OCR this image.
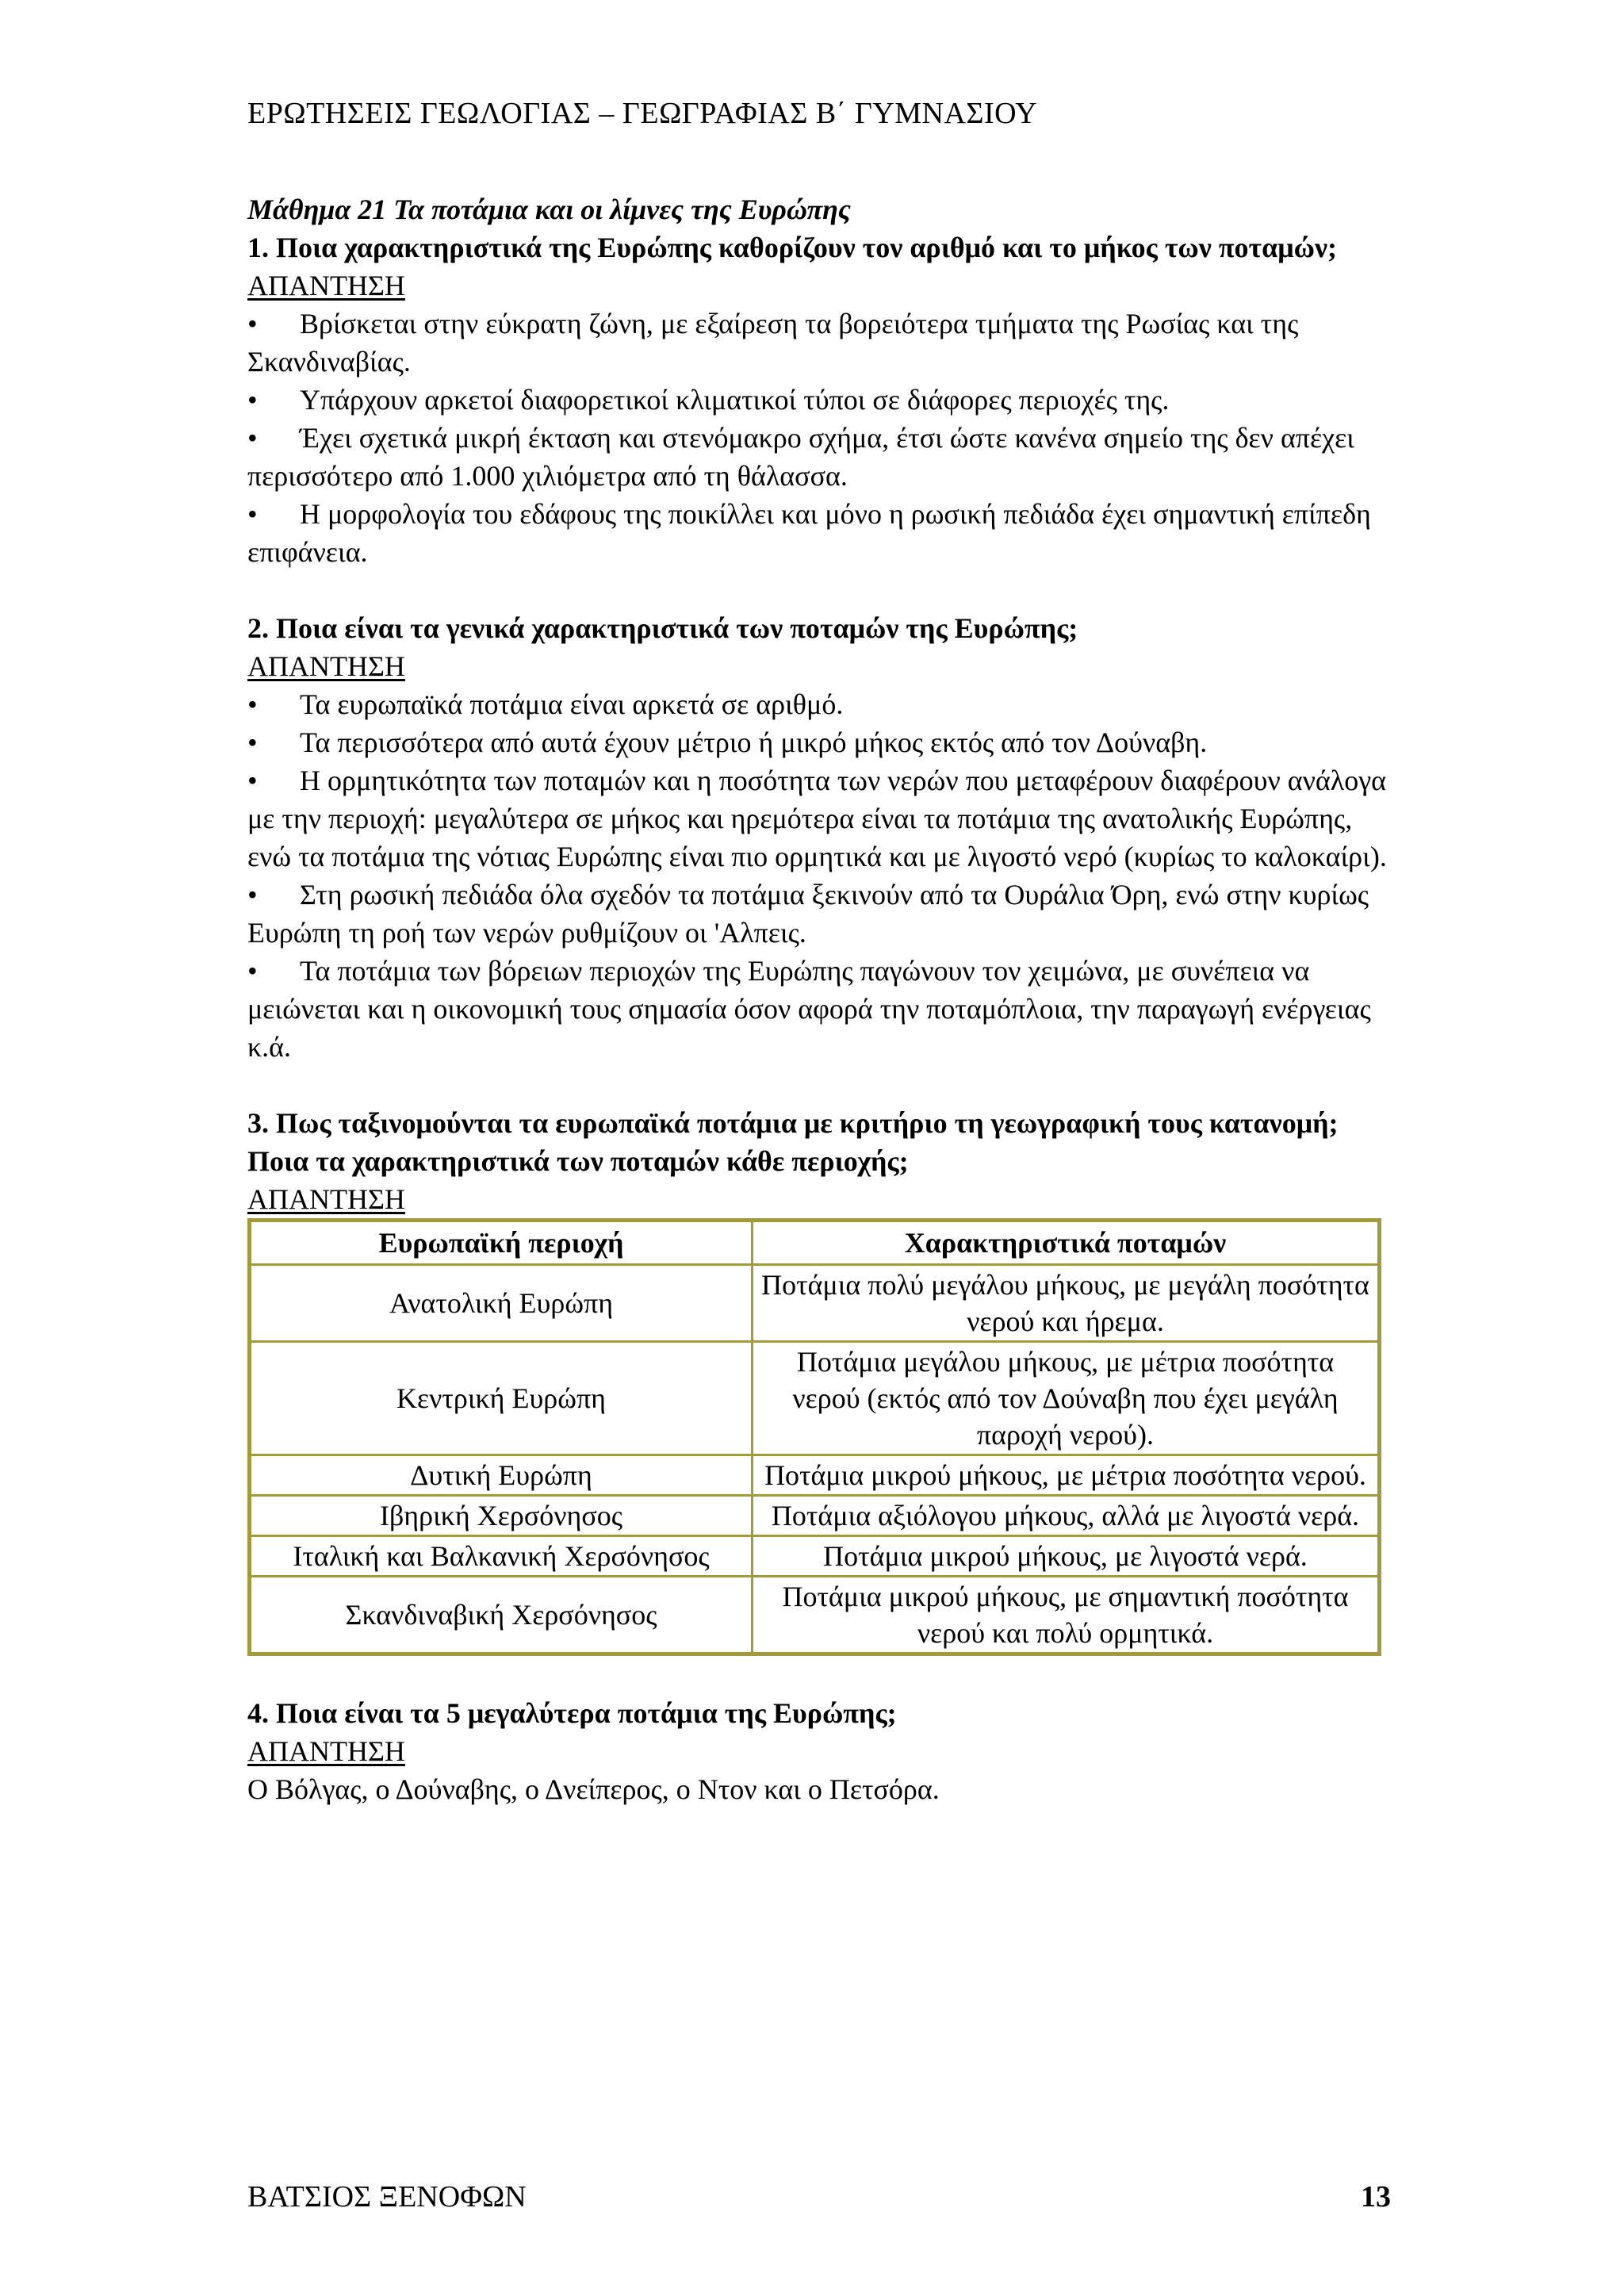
ΕΡΩΤΗΣΕΙΣ ΓΕΩΛΟΓΙΑΣ – ΓΕΩΓΡΑΦΙΑΣ Β΄ ΓΥΜΝΑΣΙΟΥ
Μάθημα 21 Τα ποτάμια και οι λίμνες της Ευρώπης
1. Ποια χαρακτηριστικά της Ευρώπης καθορίζουν τον αριθμό και το μήκος των ποταμών;
ΑΠΑΝΤΗΣΗ
• Βρίσκεται στην εύκρατη ζώνη, με εξαίρεση τα βορειότερα τμήματα της Ρωσίας και της Σκανδιναβίας.
• Υπάρχουν αρκετοί διαφορετικοί κλιματικοί τύποι σε διάφορες περιοχές της.
• Έχει σχετικά μικρή έκταση και στενόμακρο σχήμα, έτσι ώστε κανένα σημείο της δεν απέχει περισσότερο από 1.000 χιλιόμετρα από τη θάλασσα.
• Η μορφολογία του εδάφους της ποικίλλει και μόνο η ρωσική πεδιάδα έχει σημαντική επίπεδη επιφάνεια.
2. Ποια είναι τα γενικά χαρακτηριστικά των ποταμών της Ευρώπης;
ΑΠΑΝΤΗΣΗ
• Τα ευρωπαϊκά ποτάμια είναι αρκετά σε αριθμό.
• Τα περισσότερα από αυτά έχουν μέτριο ή μικρό μήκος εκτός από τον Δούναβη.
• Η ορμητικότητα των ποταμών και η ποσότητα των νερών που μεταφέρουν διαφέρουν ανάλογα με την περιοχή: μεγαλύτερα σε μήκος και ηρεμότερα είναι τα ποτάμια της ανατολικής Ευρώπης, ενώ τα ποτάμια της νότιας Ευρώπης είναι πιο ορμητικά και με λιγοστό νερό (κυρίως το καλοκαίρι).
• Στη ρωσική πεδιάδα όλα σχεδόν τα ποτάμια ξεκινούν από τα Ουράλια Όρη, ενώ στην κυρίως Ευρώπη τη ροή των νερών ρυθμίζουν οι 'Αλπεις.
• Τα ποτάμια των βόρειων περιοχών της Ευρώπης παγώνουν τον χειμώνα, με συνέπεια να μειώνεται και η οικονομική τους σημασία όσον αφορά την ποταμόπλοια, την παραγωγή ενέργειας κ.ά.
3. Πως ταξινομούνται τα ευρωπαϊκά ποτάμια με κριτήριο τη γεωγραφική τους κατανομή; Ποια τα χαρακτηριστικά των ποταμών κάθε περιοχής;
ΑΠΑΝΤΗΣΗ
Ευρωπαϊκή περιοχή	Χαρακτηριστικά ποταμών
Ανατολική Ευρώπη	Ποτάμια πολύ μεγάλου μήκους, με μεγάλη ποσότητα νερού και ήρεμα.
Κεντρική Ευρώπη	Ποτάμια μεγάλου μήκους, με μέτρια ποσότητα νερού (εκτός από τον Δούναβη που έχει μεγάλη παροχή νερού).
Δυτική Ευρώπη	Ποτάμια μικρού μήκους, με μέτρια ποσότητα νερού.
Ιβηρική Χερσόνησος	Ποτάμια αξιόλογου μήκους, αλλά με λιγοστά νερά.
Ιταλική και Βαλκανική Χερσόνησος	Ποτάμια μικρού μήκους, με λιγοστά νερά.
Σκανδιναβική Χερσόνησος	Ποτάμια μικρού μήκους, με σημαντική ποσότητα νερού και πολύ ορμητικά.
4. Ποια είναι τα 5 μεγαλύτερα ποτάμια της Ευρώπης;
ΑΠΑΝΤΗΣΗ
Ο Βόλγας, ο Δούναβης, ο Δνείπερος, ο Ντον και ο Πετσόρα.
ΒΑΤΣΙΟΣ ΞΕΝΟΦΩΝ	13
